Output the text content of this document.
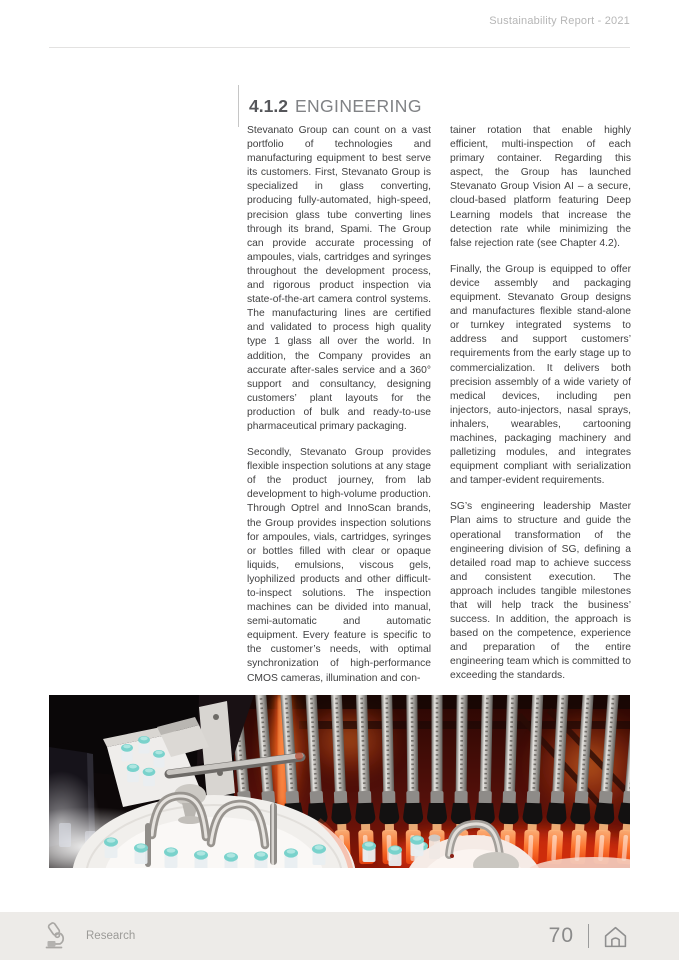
Sustainability Report - 2021
4.1.2 ENGINEERING

Stevanato Group can count on a vast portfolio of technologies and manufacturing equipment to best serve its customers. First, Stevanato Group is specialized in glass converting, producing fully-automated, high-speed, precision glass tube converting lines through its brand, Spami. The Group can provide accurate processing of ampoules, vials, cartridges and syringes throughout the development process, and rigorous product inspection via state-of-the-art camera control systems. The manufacturing lines are certified and validated to process high quality type 1 glass all over the world. In addition, the Company provides an accurate after-sales service and a 360° support and consultancy, designing customers’ plant layouts for the production of bulk and ready-to-use pharmaceutical primary packaging.

Secondly, Stevanato Group provides flexible inspection solutions at any stage of the product journey, from lab development to high-volume production. Through Optrel and InnoScan brands, the Group provides inspection solutions for ampoules, vials, cartridges, syringes or bottles filled with clear or opaque liquids, emulsions, viscous gels, lyophilized products and other difficult-to-inspect solutions. The inspection machines can be divided into manual, semi-automatic and automatic equipment. Every feature is specific to the customer’s needs, with optimal synchronization of high-performance CMOS cameras, illumination and con-

tainer rotation that enable highly efficient, multi-inspection of each primary container. Regarding this aspect, the Group has launched Stevanato Group Vision AI – a secure, cloud-based platform featuring Deep Learning models that increase the detection rate while minimizing the false rejection rate (see Chapter 4.2).

Finally, the Group is equipped to offer device assembly and packaging equipment. Stevanato Group designs and manufactures flexible stand-alone or turnkey integrated systems to address and support customers’ requirements from the early stage up to commercialization. It delivers both precision assembly of a wide variety of medical devices, including pen injectors, auto-injectors, nasal sprays, inhalers, wearables, cartooning machines, packaging machinery and palletizing modules, and integrates equipment compliant with serialization and tamper-evident requirements.

SG’s engineering leadership Master Plan aims to structure and guide the operational transformation of the engineering division of SG, defining a detailed road map to achieve success and consistent execution. The approach includes tangible milestones that will help track the business’ success. In addition, the approach is based on the competence, experience and preparation of the entire engineering team which is committed to exceeding the standards.

Research	70
